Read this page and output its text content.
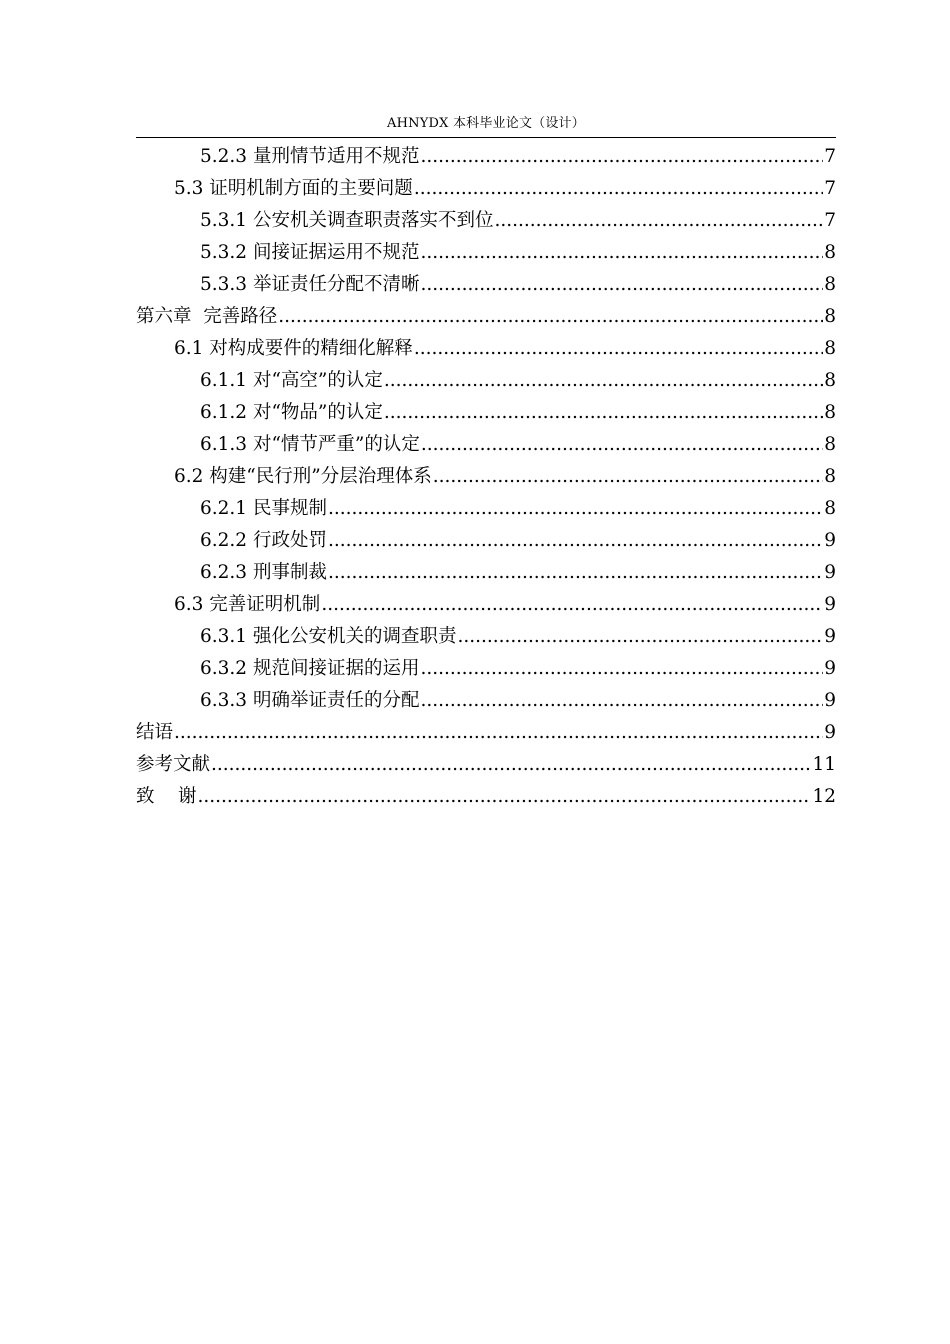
AHNYDX 本科毕业论文（设计）
5.2.3 量刑情节适用不规范 .....	7
5.3 证明机制方面的主要问题 .....	7
5.3.1 公安机关调查职责落实不到位 .....	7
5.3.2 间接证据运用不规范 .....	8
5.3.3 举证责任分配不清晰 .....	8
第六章  完善路径 .....	8
6.1 对构成要件的精细化解释 .....	8
6.1.1 对“高空”的认定 .....	8
6.1.2 对“物品”的认定 .....	8
6.1.3 对“情节严重”的认定 .....	8
6.2 构建“民行刑”分层治理体系 .....	8
6.2.1 民事规制 .....	8
6.2.2 行政处罚 .....	9
6.2.3 刑事制裁 .....	9
6.3 完善证明机制 .....	9
6.3.1 强化公安机关的调查职责 .....	9
6.3.2 规范间接证据的运用 .....	9
6.3.3 明确举证责任的分配 .....	9
结语 .....	9
参考文献 .....	11
致    谢 .....	12
